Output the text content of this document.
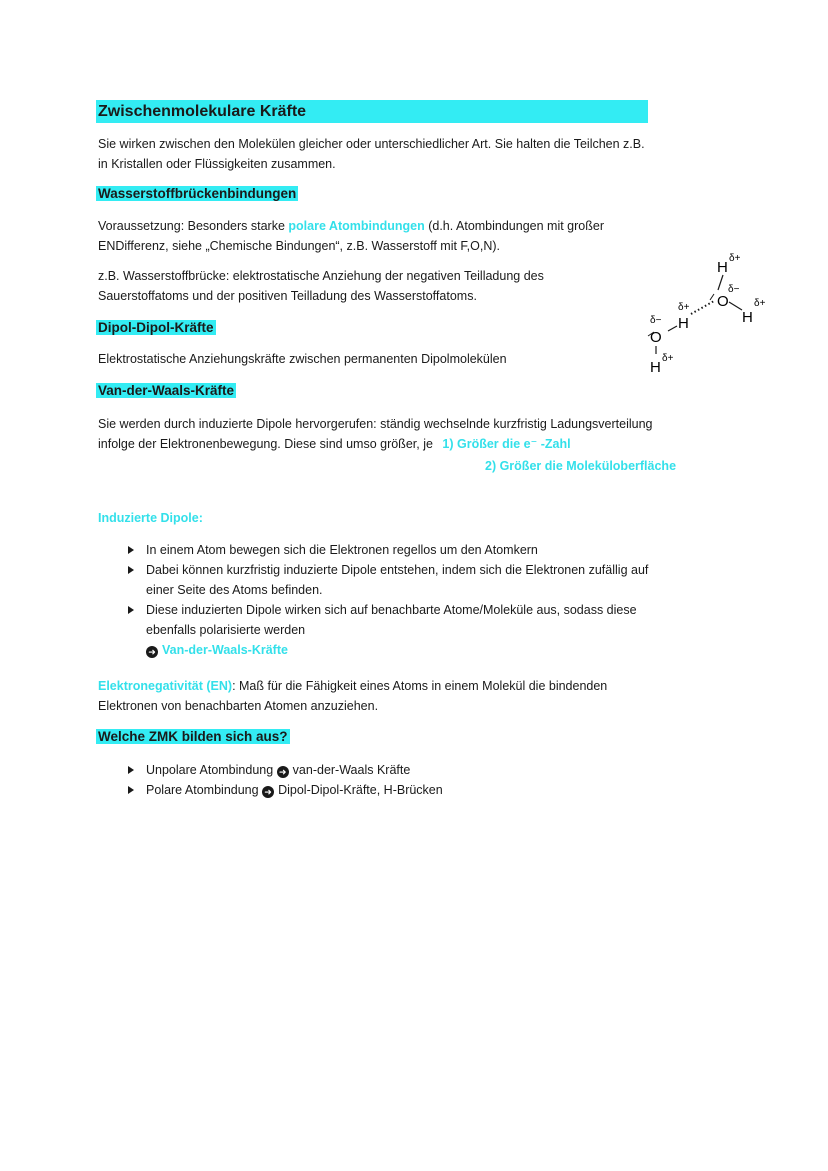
Zwischenmolekulare Kräfte
Sie wirken zwischen den Molekülen gleicher oder unterschiedlicher Art. Sie halten die Teilchen z.B.
in Kristallen oder Flüssigkeiten zusammen.
Wasserstoffbrückenbindungen
Voraussetzung: Besonders starke polare Atombindungen (d.h. Atombindungen mit großer
ENDifferenz, siehe „Chemische Bindungen“, z.B. Wasserstoff mit F,O,N).
z.B. Wasserstoffbrücke: elektrostatische Anziehung der negativen Teilladung des
Sauerstoffatoms und der positiven Teilladung des Wasserstoffatoms.
Dipol-Dipol-Kräfte
Elektrostatische Anziehungskräfte zwischen permanenten Dipolmolekülen
Van-der-Waals-Kräfte
Sie werden durch induzierte Dipole hervorgerufen: ständig wechselnde kurzfristig Ladungsverteilung
infolge der Elektronenbewegung. Diese sind umso größer, je 1) Größer die e⁻ -Zahl
2) Größer die Moleküloberfläche
Induzierte Dipole:
In einem Atom bewegen sich die Elektronen regellos um den Atomkern
Dabei können kurzfristig induzierte Dipole entstehen, indem sich die Elektronen zufällig auf
einer Seite des Atoms befinden.
Diese induzierten Dipole wirken sich auf benachbarte Atome/Moleküle aus, sodass diese
ebenfalls polarisierte werden
➜ Van-der-Waals-Kräfte
Elektronegativität (EN): Maß für die Fähigkeit eines Atoms in einem Molekül die bindenden
Elektronen von benachbarten Atomen anzuziehen.
Welche ZMK bilden sich aus?
Unpolare Atombindung ➜ van-der-Waals Kräfte
Polare Atombindung ➜ Dipol-Dipol-Kräfte, H-Brücken
H
δ+
O
δ−
H
δ+
H
δ+
δ−
O
H
δ+
